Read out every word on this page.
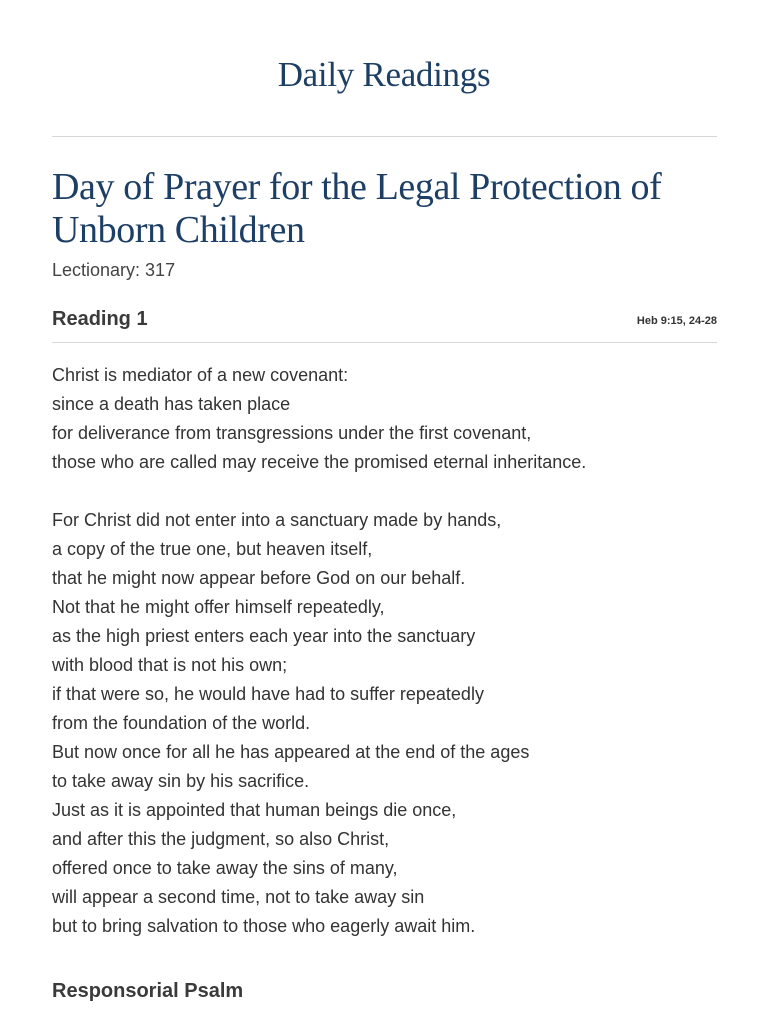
Daily Readings
Day of Prayer for the Legal Protection of Unborn Children
Lectionary: 317
Reading 1	Heb 9:15, 24-28
Christ is mediator of a new covenant:
since a death has taken place
for deliverance from transgressions under the first covenant,
those who are called may receive the promised eternal inheritance.
For Christ did not enter into a sanctuary made by hands,
a copy of the true one, but heaven itself,
that he might now appear before God on our behalf.
Not that he might offer himself repeatedly,
as the high priest enters each year into the sanctuary
with blood that is not his own;
if that were so, he would have had to suffer repeatedly
from the foundation of the world.
But now once for all he has appeared at the end of the ages
to take away sin by his sacrifice.
Just as it is appointed that human beings die once,
and after this the judgment, so also Christ,
offered once to take away the sins of many,
will appear a second time, not to take away sin
but to bring salvation to those who eagerly await him.
Responsorial Psalm
